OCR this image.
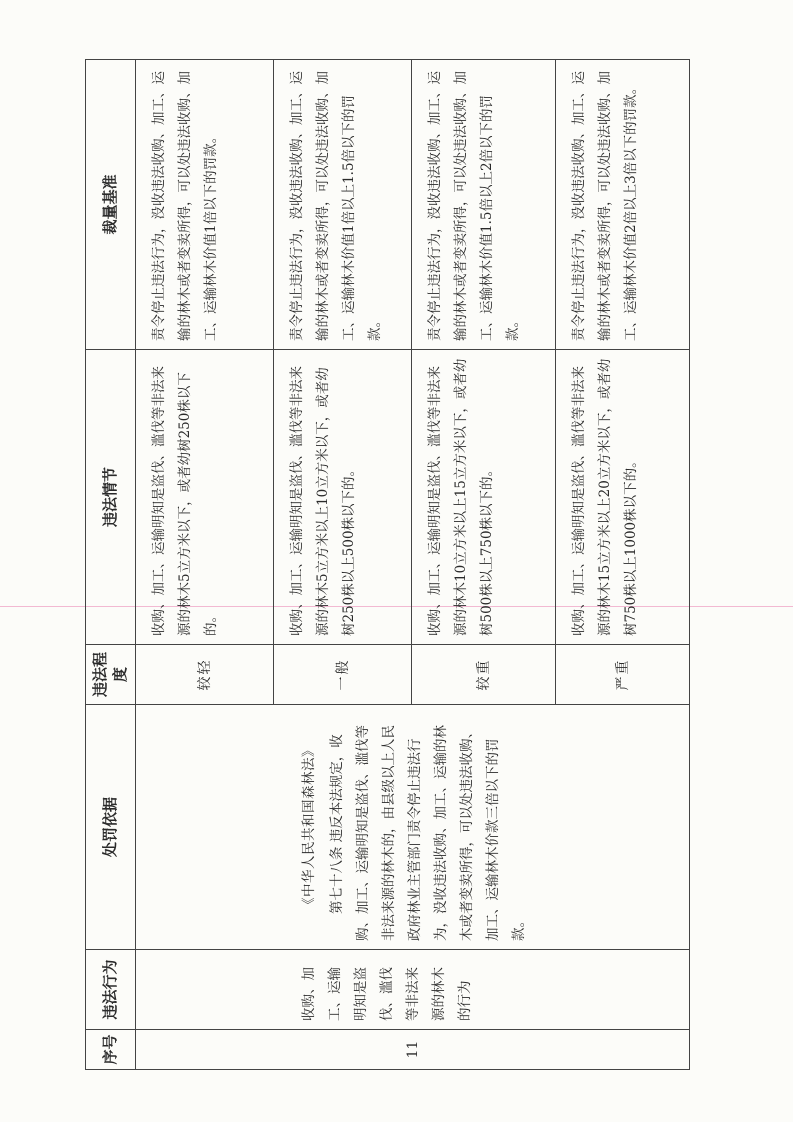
序号	违法行为	处罚依据	违法程度	违法情节	裁量基准
11	收购、加工、运输明知是盗伐、滥伐等非法来源的林木的行为	《中华人民共和国森林法》 第七十八条 违反本法规定，收购、加工、运输明知是盗伐、滥伐等非法来源的林木的，由县级以上人民政府林业主管部门责令停止违法行为，没收违法收购、加工、运输的林木或者变卖所得，可以处违法收购、加工、运输林木价款三倍以下的罚款。	较轻	收购、加工、运输明知是盗伐、滥伐等非法来源的林木5立方米以下，或者幼树250株以下的。	责令停止违法行为，没收违法收购、加工、运输的林木或者变卖所得，可以处违法收购、加工、运输林木价值1倍以下的罚款。
			一般	收购、加工、运输明知是盗伐、滥伐等非法来源的林木5立方米以上10立方米以下，或者幼树250株以上500株以下的。	责令停止违法行为，没收违法收购、加工、运输的林木或者变卖所得，可以处违法收购、加工、运输林木价值1倍以上1.5倍以下的罚款。
			较重	收购、加工、运输明知是盗伐、滥伐等非法来源的林木10立方米以上15立方米以下，或者幼树500株以上750株以下的。	责令停止违法行为，没收违法收购、加工、运输的林木或者变卖所得，可以处违法收购、加工、运输林木价值1.5倍以上2倍以下的罚款。
			严重	收购、加工、运输明知是盗伐、滥伐等非法来源的林木15立方米以上20立方米以下，或者幼树750株以上1000株以下的。	责令停止违法行为，没收违法收购、加工、运输的林木或者变卖所得，可以处违法收购、加工、运输林木价值2倍以上3倍以下的罚款。
